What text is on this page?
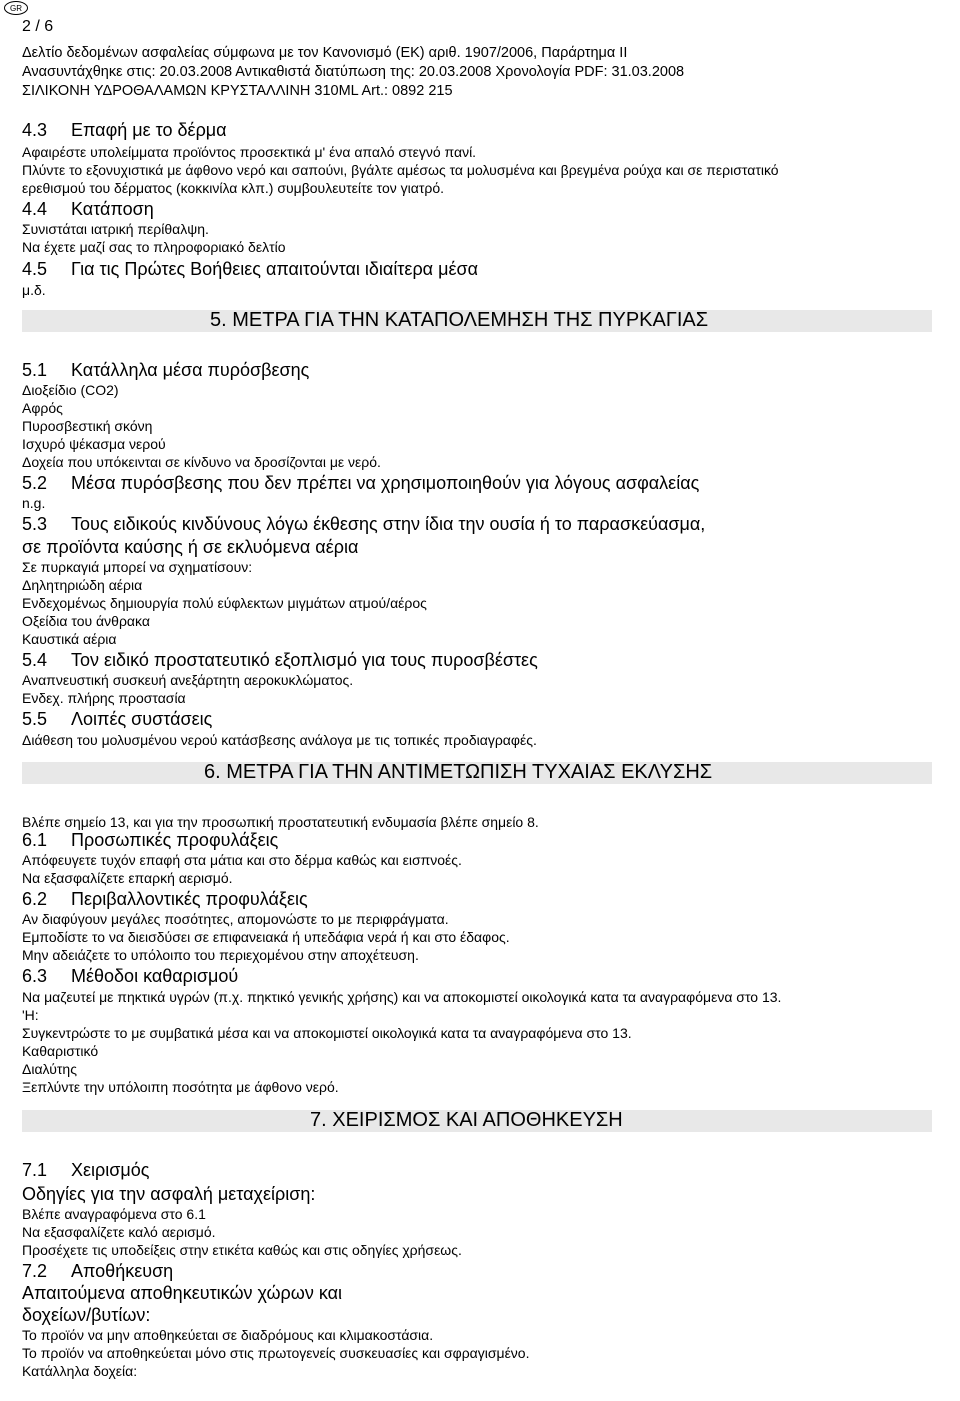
GR
2 / 6
Δελτίο δεδομένων ασφαλείας σύμφωνα με τον Κανονισμό (ΕΚ) αριθ. 1907/2006, Παράρτημα II
Ανασυντάχθηκε στις: 20.03.2008 Αντικαθιστά διατύπωση της: 20.03.2008 Χρονολογία PDF: 31.03.2008
ΣΙΛΙΚΟΝΗ ΥΔΡΟΘΑΛΑΜΩΝ ΚΡΥΣΤΑΛΛΙΝΗ 310ML Art.: 0892 215
4.3 Επαφή με το δέρμα
Αφαιρέστε υπολείμματα προϊόντος προσεκτικά μ' ένα απαλό στεγνό πανί.
Πλύντε το εξονυχιστικά με άφθονο νερό και σαπούνι, βγάλτε αμέσως τα μολυσμένα και βρεγμένα ρούχα και σε περιστατικό
ερεθισμού του δέρματος (κοκκινίλα κλπ.) συμβουλευτείτε τον γιατρό.
4.4 Κατάποση
Συνιστάται ιατρική περίθαλψη.
Να έχετε μαζί σας το πληροφοριακό δελτίο
4.5 Για τις Πρώτες Βοήθειες απαιτούνται ιδιαίτερα μέσα
μ.δ.
5. ΜΕΤΡΑ ΓΙΑ ΤΗΝ ΚΑΤΑΠΟΛΕΜΗΣΗ ΤΗΣ ΠΥΡΚΑΓΙΑΣ
5.1 Κατάλληλα μέσα πυρόσβεσης
Διοξείδιο (CO2)
Αφρός
Πυροσβεστική σκόνη
Ισχυρό ψέκασμα νερού
Δοχεία που υπόκεινται σε κίνδυνο να δροσίζονται με νερό.
5.2 Μέσα πυρόσβεσης που δεν πρέπει να χρησιμοποιηθούν για λόγους ασφαλείας
n.g.
5.3 Τους ειδικούς κινδύνους λόγω έκθεσης στην ίδια την ουσία ή το παρασκεύασμα,
σε προϊόντα καύσης ή σε εκλυόμενα αέρια
Σε πυρκαγιά μπορεί να σχηματίσουν:
Δηλητηριώδη αέρια
Ενδεχομένως δημιουργία πολύ εύφλεκτων μιγμάτων ατμού/αέρος
Οξείδια του άνθρακα
Καυστικά αέρια
5.4 Τον ειδικό προστατευτικό εξοπλισμό για τους πυροσβέστες
Αναπνευστική συσκευή ανεξάρτητη αεροκυκλώματος.
Ενδεχ. πλήρης προστασία
5.5 Λοιπές συστάσεις
Διάθεση του μολυσμένου νερού κατάσβεσης ανάλογα με τις τοπικές προδιαγραφές.
6. ΜΕΤΡΑ ΓΙΑ ΤΗΝ ΑΝΤΙΜΕΤΩΠΙΣΗ ΤΥΧΑΙΑΣ ΕΚΛΥΣΗΣ
Βλέπε σημείο 13, και για την προσωπική προστατευτική ενδυμασία βλέπε σημείο 8.
6.1 Προσωπικές προφυλάξεις
Απόφευγετε τυχόν επαφή στα μάτια και στο δέρμα καθώς και εισπνοές.
Να εξασφαλίζετε επαρκή αερισμό.
6.2 Περιβαλλοντικές προφυλάξεις
Αν διαφύγουν μεγάλες ποσότητες, απομονώστε το με περιφράγματα.
Εμποδίστε το να διεισδύσει σε επιφανειακά ή υπεδάφια νερά ή και στο έδαφος.
Μην αδειάζετε το υπόλοιπο του περιεχομένου στην αποχέτευση.
6.3 Μέθοδοι καθαρισμού
Να μαζευτεί με πηκτικά υγρών (π.χ. πηκτικό γενικής χρήσης) και να αποκομιστεί οικολογικά κατα τα αναγραφόμενα στο 13.
'Η:
Συγκεντρώστε το με συμβατικά μέσα και να αποκομιστεί οικολογικά κατα τα αναγραφόμενα στο 13.
Καθαριστικό
Διαλύτης
Ξεπλύντε την υπόλοιπη ποσότητα με άφθονο νερό.
7. ΧΕΙΡΙΣΜΟΣ ΚΑΙ ΑΠΟΘΗΚΕΥΣΗ
7.1 Χειρισμός
Οδηγίες για την ασφαλή μεταχείριση:
Βλέπε αναγραφόμενα στο 6.1
Να εξασφαλίζετε καλό αερισμό.
Προσέχετε τις υποδείξεις στην ετικέτα καθώς και στις οδηγίες χρήσεως.
7.2 Αποθήκευση
Απαιτούμενα αποθηκευτικών χώρων και
δοχείων/βυτίων:
Το προϊόν να μην αποθηκεύεται σε διαδρόμους και κλιμακοστάσια.
Το προϊόν να αποθηκεύεται μόνο στις πρωτογενείς συσκευασίες και σφραγισμένο.
Κατάλληλα δοχεία:
